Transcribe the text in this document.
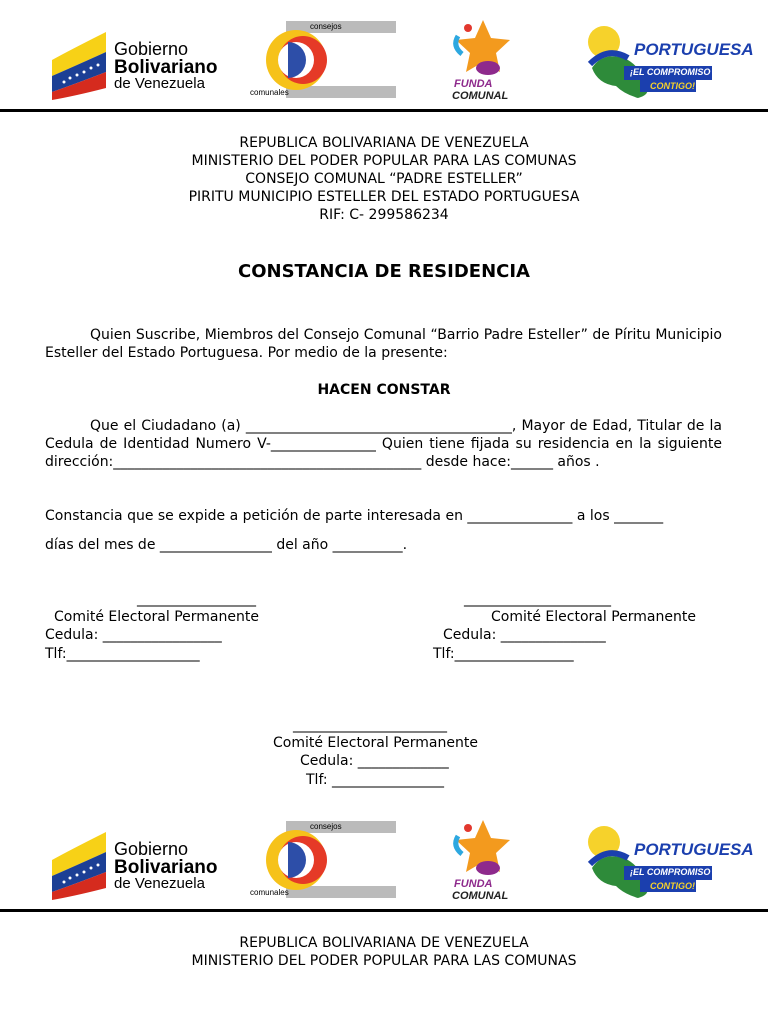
Gobierno
Bolivariano
de Venezuela
consejos
comunales
FUNDA
COMUNAL
PORTUGUESA
¡EL COMPROMISO ES
CONTIGO!
REPUBLICA BOLIVARIANA DE VENEZUELA
MINISTERIO DEL PODER POPULAR PARA LAS COMUNAS
CONSEJO COMUNAL “PADRE ESTELLER”
PIRITU MUNICIPIO ESTELLER DEL ESTADO PORTUGUESA
RIF: C- 299586234
CONSTANCIA DE RESIDENCIA
Quien Suscribe, Miembros del Consejo Comunal “Barrio Padre Esteller” de Píritu Municipio Esteller del Estado Portuguesa. Por medio de la presente:
HACEN CONSTAR
Que el Ciudadano (a) ______________________________________, Mayor de Edad, Titular de la Cedula de Identidad Numero V-_______________ Quien tiene fijada su residencia en la siguiente dirección:____________________________________________ desde hace:______ años .
Constancia que se expide a petición de parte interesada en _______________ a los _______
días del mes de ________________ del año __________.
_________________
Comité Electoral Permanente
Cedula: _________________
Tlf:___________________
_____________________
Comité Electoral Permanente
Cedula: _______________
Tlf:_________________
______________________
Comité Electoral Permanente
Cedula: _____________
Tlf: ________________
Gobierno
Bolivariano
de Venezuela
consejos
comunales
FUNDA
COMUNAL
PORTUGUESA
¡EL COMPROMISO ES
CONTIGO!
REPUBLICA BOLIVARIANA DE VENEZUELA
MINISTERIO DEL PODER POPULAR PARA LAS COMUNAS
